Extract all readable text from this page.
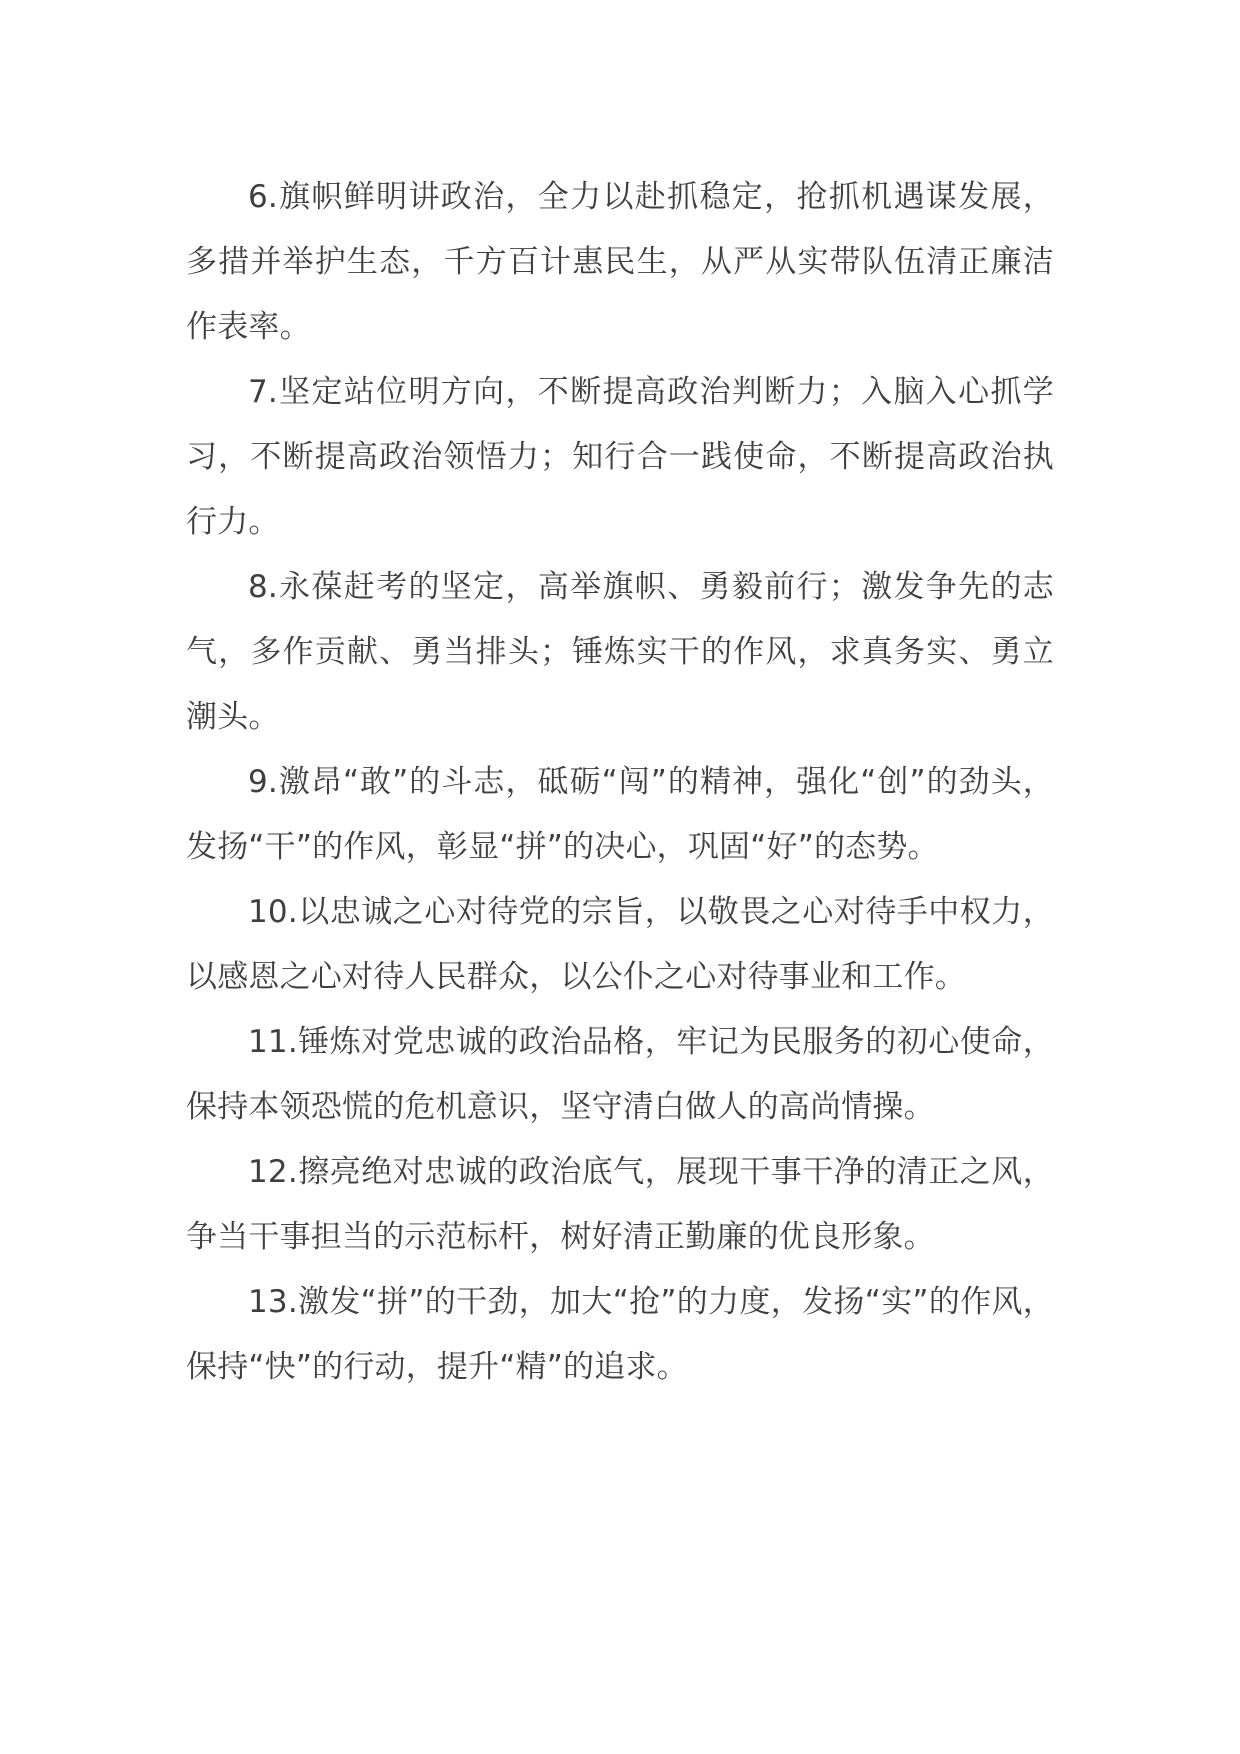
6.旗帜鲜明讲政治，全力以赴抓稳定，抢抓机遇谋发展，多措并举护生态，千方百计惠民生，从严从实带队伍清正廉洁作表率。

7.坚定站位明方向，不断提高政治判断力；入脑入心抓学习，不断提高政治领悟力；知行合一践使命，不断提高政治执行力。

8.永葆赶考的坚定，高举旗帜、勇毅前行；激发争先的志气，多作贡献、勇当排头；锤炼实干的作风，求真务实、勇立潮头。

9.激昂“敢”的斗志，砥砺“闯”的精神，强化“创”的劲头，发扬“干”的作风，彰显“拼”的决心，巩固“好”的态势。

10.以忠诚之心对待党的宗旨，以敬畏之心对待手中权力，以感恩之心对待人民群众，以公仆之心对待事业和工作。

11.锤炼对党忠诚的政治品格，牢记为民服务的初心使命，保持本领恐慌的危机意识，坚守清白做人的高尚情操。

12.擦亮绝对忠诚的政治底气，展现干事干净的清正之风，争当干事担当的示范标杆，树好清正勤廉的优良形象。

13.激发“拼”的干劲，加大“抢”的力度，发扬“实”的作风，保持“快”的行动，提升“精”的追求。
